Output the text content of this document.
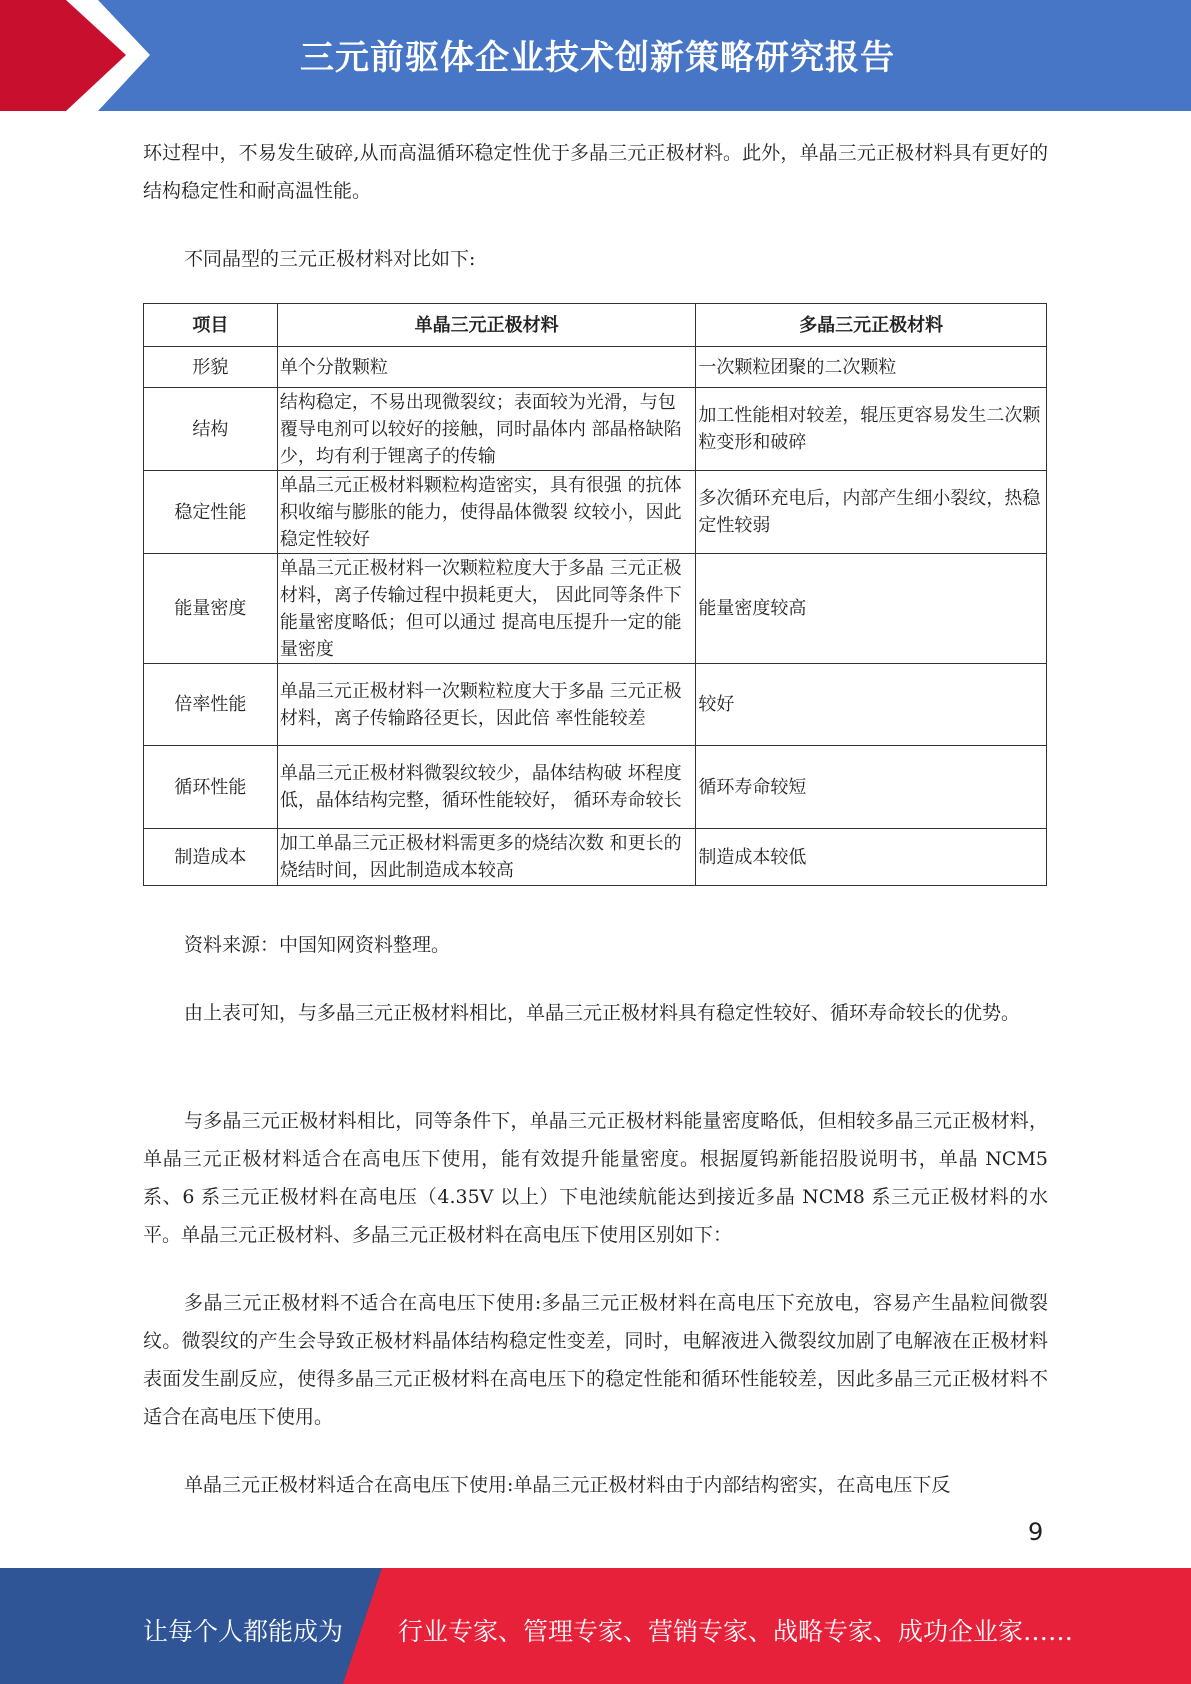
三元前驱体企业技术创新策略研究报告

环过程中，不易发生破碎,从而高温循环稳定性优于多晶三元正极材料。此外，单晶三元正极材料具有更好的结构稳定性和耐高温性能。

不同晶型的三元正极材料对比如下:

项目	单晶三元正极材料	多晶三元正极材料
形貌	单个分散颗粒	一次颗粒团聚的二次颗粒
结构	结构稳定，不易出现微裂纹；表面较为光滑，与包覆导电剂可以较好的接触，同时晶体内 部晶格缺陷少，均有利于锂离子的传输	加工性能相对较差，辊压更容易发生二次颗粒变形和破碎
稳定性能	单晶三元正极材料颗粒构造密实，具有很强 的抗体积收缩与膨胀的能力，使得晶体微裂 纹较小，因此稳定性较好	多次循环充电后，内部产生细小裂纹，热稳定性较弱
能量密度	单晶三元正极材料一次颗粒粒度大于多晶 三元正极材料，离子传输过程中损耗更大， 因此同等条件下能量密度略低；但可以通过 提高电压提升一定的能量密度	能量密度较高
倍率性能	单晶三元正极材料一次颗粒粒度大于多晶 三元正极材料，离子传输路径更长，因此倍 率性能较差	较好
循环性能	单晶三元正极材料微裂纹较少，晶体结构破 坏程度低，晶体结构完整，循环性能较好， 循环寿命较长	循环寿命较短
制造成本	加工单晶三元正极材料需更多的烧结次数 和更长的烧结时间，因此制造成本较高	制造成本较低

资料来源：中国知网资料整理。

由上表可知，与多晶三元正极材料相比，单晶三元正极材料具有稳定性较好、循环寿命较长的优势。

与多晶三元正极材料相比，同等条件下，单晶三元正极材料能量密度略低，但相较多晶三元正极材料，单晶三元正极材料适合在高电压下使用，能有效提升能量密度。根据厦钨新能招股说明书，单晶 NCM5 系、6 系三元正极材料在高电压（4.35V 以上）下电池续航能达到接近多晶 NCM8 系三元正极材料的水平。单晶三元正极材料、多晶三元正极材料在高电压下使用区别如下：

多晶三元正极材料不适合在高电压下使用:多晶三元正极材料在高电压下充放电，容易产生晶粒间微裂纹。微裂纹的产生会导致正极材料晶体结构稳定性变差，同时，电解液进入微裂纹加剧了电解液在正极材料表面发生副反应，使得多晶三元正极材料在高电压下的稳定性能和循环性能较差，因此多晶三元正极材料不适合在高电压下使用。

单晶三元正极材料适合在高电压下使用:单晶三元正极材料由于内部结构密实，在高电压下反

9
让每个人都能成为 行业专家、管理专家、营销专家、战略专家、成功企业家……
